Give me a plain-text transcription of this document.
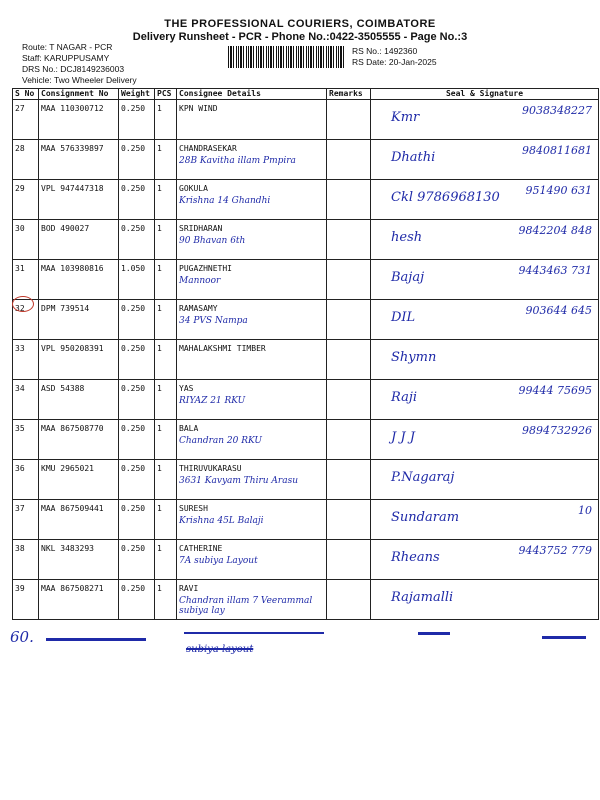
THE PROFESSIONAL COURIERS, COIMBATORE
Delivery Runsheet - PCR - Phone No.:0422-3505555 - Page No.:3
Route: T NAGAR - PCR
Staff: KARUPPUSAMY
DRS No.: DCJ8149236003
Vehicle: Two Wheeler Delivery
RS No.: 1492360
RS Date: 20-Jan-2025
S No	Consignment No	Weight	PCS	Consignee Details	Remarks	Seal & Signature

27	MAA 110300712	0.250	1	KPN WIND		Kmr 9038348227

28	MAA 576339897	0.250	1	CHANDRASEKAR
28B Kavitha illam Pmpira		Dhathi 9840811681

29	VPL 947447318	0.250	1	GOKULA
Krishna 14 Ghandhi		Ckl 9786968130 951490 631

30	BOD 490027	0.250	1	SRIDHARAN
90 Bhavan 6th		hesh 9842204 848

31	MAA 103980816	1.050	1	PUGAZHNETHI
Mannoor		Bajaj 9443463 731

32	DPM 739514	0.250	1	RAMASAMY
34 PVS Nampa		DIL 903644 645

33	VPL 950208391	0.250	1	MAHALAKSHMI TIMBER		Shymn

34	ASD 54388	0.250	1	YAS
RIYAZ 21 RKU		Raji 99444 75695

35	MAA 867508770	0.250	1	BALA
Chandran 20 RKU		J J J 9894732926

36	KMU 2965021	0.250	1	THIRUVUKARASU
3631 Kavyam Thiru Arasu		P.Nagaraj

37	MAA 867509441	0.250	1	SURESH
Krishna 45L Balaji		Sundaram 10

38	NKL 3483293	0.250	1	CATHERINE
7A subiya Layout		Rheans 9443752 779

39	MAA 867508271	0.250	1	RAVI
Chandran illam 7 Veerammal subiya lay		Rajamalli
60.
subiya layout
